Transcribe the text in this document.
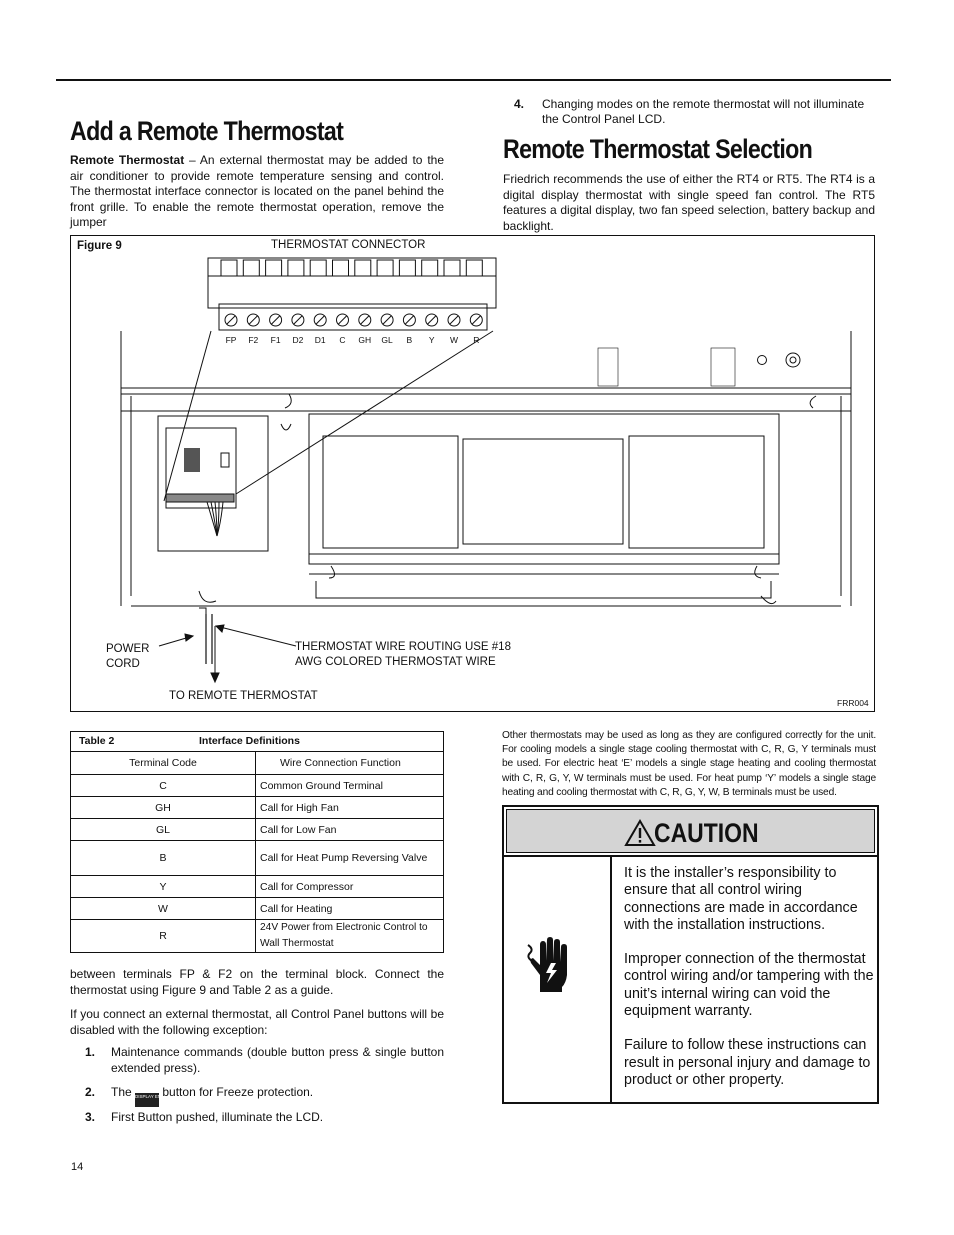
Add a Remote Thermostat
Remote Thermostat – An external thermostat may be added to the air conditioner to provide remote temperature sensing and control. The thermostat interface connector is located on the panel behind the front grille. To enable the remote thermostat operation, remove the jumper
Figure 9	THERMOSTAT CONNECTOR
FP	F2	F1	D2	D1	C	GH	GL	B	Y	W	R
POWER
CORD
THERMOSTAT WIRE ROUTING USE #18
AWG COLORED THERMOSTAT WIRE
TO REMOTE THERMOSTAT
FRR004
Table 2 Interface Definitions	

Terminal Code	Wire Connection Function
C	Common Ground Terminal
GH	Call for High Fan
GL	Call for Low Fan
B	Call for Heat Pump Reversing Valve
Y	Call for Compressor
W	Call for Heating
R	24V Power from Electronic Control to Wall Thermostat
between terminals FP & F2 on the terminal block. Connect the thermostat using Figure 9 and Table 2 as a guide.
If you connect an external thermostat, all Control Panel buttons will be disabled with the following exception:
1. Maintenance commands (double button press & single button extended press).
2. The DISPLAY ENTER button for Freeze protection.
3. First Button pushed, illuminate the LCD.
14
4. Changing modes on the remote thermostat will not illuminate the Control Panel LCD.
Remote Thermostat Selection
Friedrich recommends the use of either the RT4 or RT5. The RT4 is a digital display thermostat with single speed fan control. The RT5 features a digital display, two fan speed selection, battery backup and backlight.
Other thermostats may be used as long as they are configured correctly for the unit. For cooling models a single stage cooling thermostat with C, R, G, Y terminals must be used. For electric heat ‘E’ models a single stage heating and cooling thermostat with C, R, G, Y, W terminals must be used. For heat pump ‘Y’ models a single stage heating and cooling thermostat with C, R, G, Y, W, B terminals must be used.
CAUTION

It is the installer’s responsibility to ensure that all control wiring connections are made in accordance with the installation instructions.

Improper connection of the thermostat control wiring and/or tampering with the unit’s internal wiring can void the equipment warranty.

Failure to follow these instructions can result in personal injury and damage to product or other property.
